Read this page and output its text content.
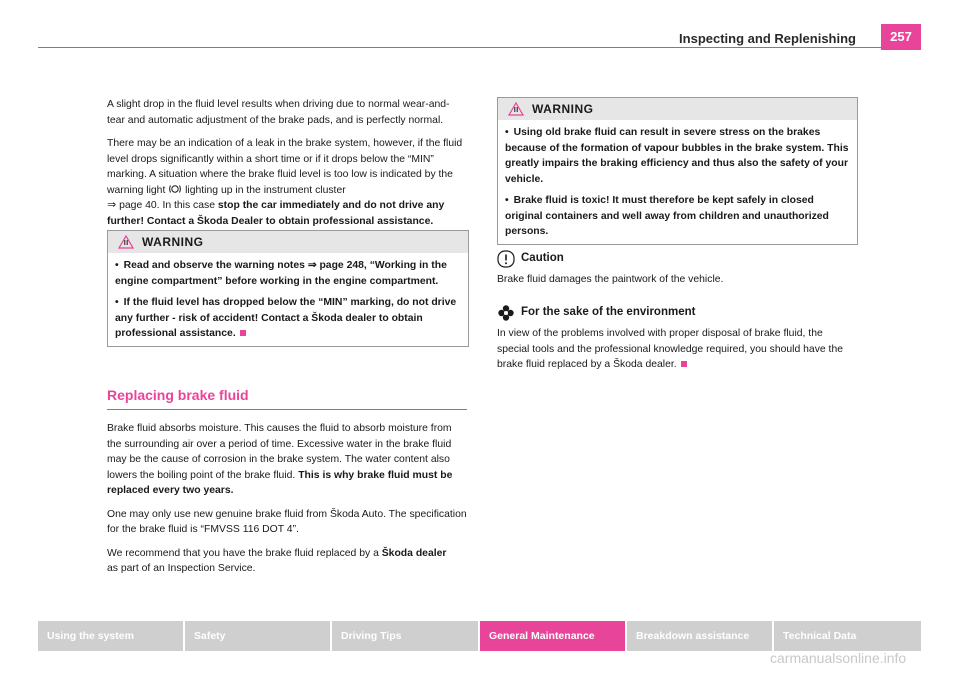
Inspecting and Replenishing	257

A slight drop in the fluid level results when driving due to normal wear-and-tear and automatic adjustment of the brake pads, and is perfectly normal.

There may be an indication of a leak in the brake system, however, if the fluid level drops significantly within a short time or if it drops below the “MIN” marking. A situation where the brake fluid level is too low is indicated by the warning light lighting up in the instrument cluster
⇒ page 40. In this case stop the car immediately and do not drive any further! Contact a Škoda Dealer to obtain professional assistance.

WARNING

• Read and observe the warning notes ⇒ page 248, “Working in the engine compartment” before working in the engine compartment.

• If the fluid level has dropped below the “MIN” marking, do not drive any further - risk of accident! Contact a Škoda dealer to obtain professional assistance.

Replacing brake fluid

Brake fluid absorbs moisture. This causes the fluid to absorb moisture from the surrounding air over a period of time. Excessive water in the brake fluid may be the cause of corrosion in the brake system. The water content also lowers the boiling point of the brake fluid. This is why brake fluid must be replaced every two years.

One may only use new genuine brake fluid from Škoda Auto. The specification for the brake fluid is “FMVSS 116 DOT 4”.

We recommend that you have the brake fluid replaced by a Škoda dealer
as part of an Inspection Service.

WARNING

• Using old brake fluid can result in severe stress on the brakes because of the formation of vapour bubbles in the brake system. This greatly impairs the braking efficiency and thus also the safety of your vehicle.

• Brake fluid is toxic! It must therefore be kept safely in closed original containers and well away from children and unauthorized persons.

Caution

Brake fluid damages the paintwork of the vehicle.

For the sake of the environment

In view of the problems involved with proper disposal of brake fluid, the special tools and the professional knowledge required, you should have the brake fluid replaced by a Škoda dealer.

Using the system	Safety	Driving Tips	General Maintenance	Breakdown assistance	Technical Data
carmanualsonline.info
